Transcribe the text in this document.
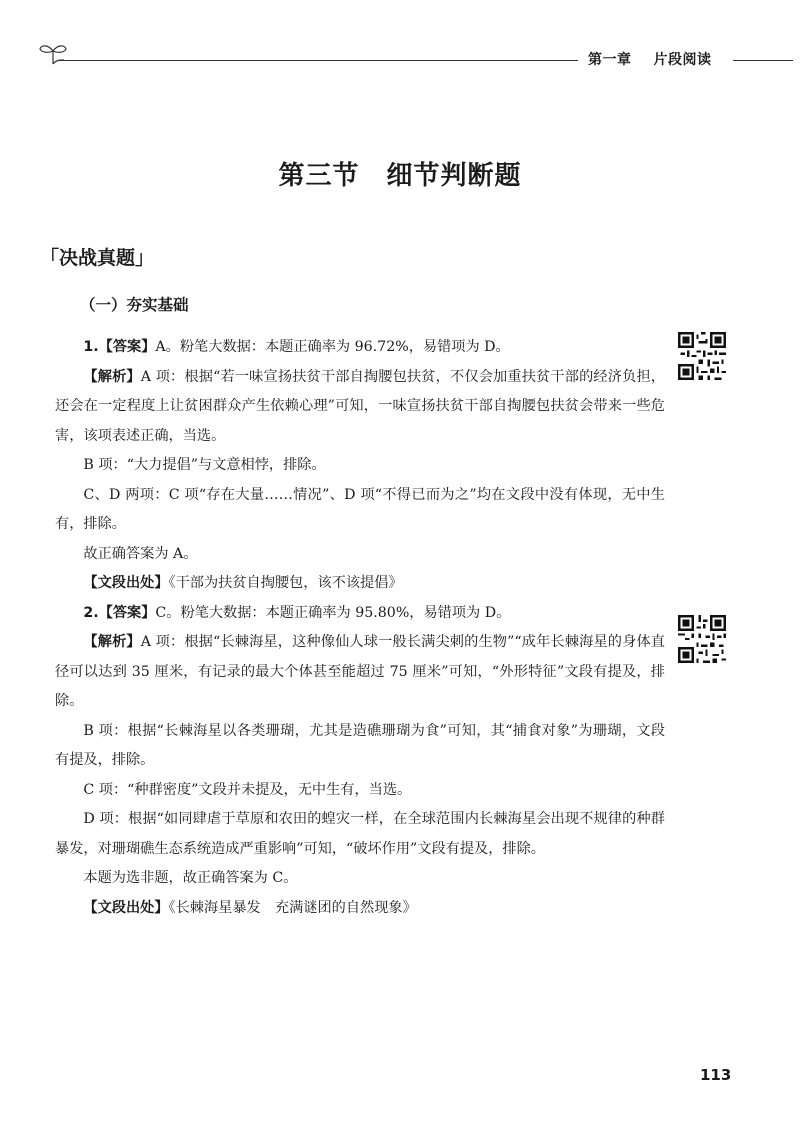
第一章 片段阅读
第三节　细节判断题
「决战真题」
（一）夯实基础

1.【答案】A。粉笔大数据：本题正确率为 96.72%，易错项为 D。

【解析】A 项：根据“若一味宣扬扶贫干部自掏腰包扶贫，不仅会加重扶贫干部的经济负担，还会在一定程度上让贫困群众产生依赖心理”可知，一味宣扬扶贫干部自掏腰包扶贫会带来一些危害，该项表述正确，当选。

B 项：“大力提倡”与文意相悖，排除。

C、D 两项：C 项“存在大量……情况”、D 项“不得已而为之”均在文段中没有体现，无中生有，排除。

故正确答案为 A。

【文段出处】《干部为扶贫自掏腰包，该不该提倡》

2.【答案】C。粉笔大数据：本题正确率为 95.80%，易错项为 D。

【解析】A 项：根据“长棘海星，这种像仙人球一般长满尖刺的生物”“成年长棘海星的身体直径可以达到 35 厘米，有记录的最大个体甚至能超过 75 厘米”可知，“外形特征”文段有提及，排除。

B 项：根据“长棘海星以各类珊瑚，尤其是造礁珊瑚为食”可知，其“捕食对象”为珊瑚，文段有提及，排除。

C 项：“种群密度”文段并未提及，无中生有，当选。

D 项：根据“如同肆虐于草原和农田的蝗灾一样，在全球范围内长棘海星会出现不规律的种群暴发，对珊瑚礁生态系统造成严重影响”可知，“破坏作用”文段有提及，排除。

本题为选非题，故正确答案为 C。

【文段出处】《长棘海星暴发　充满谜团的自然现象》

113
